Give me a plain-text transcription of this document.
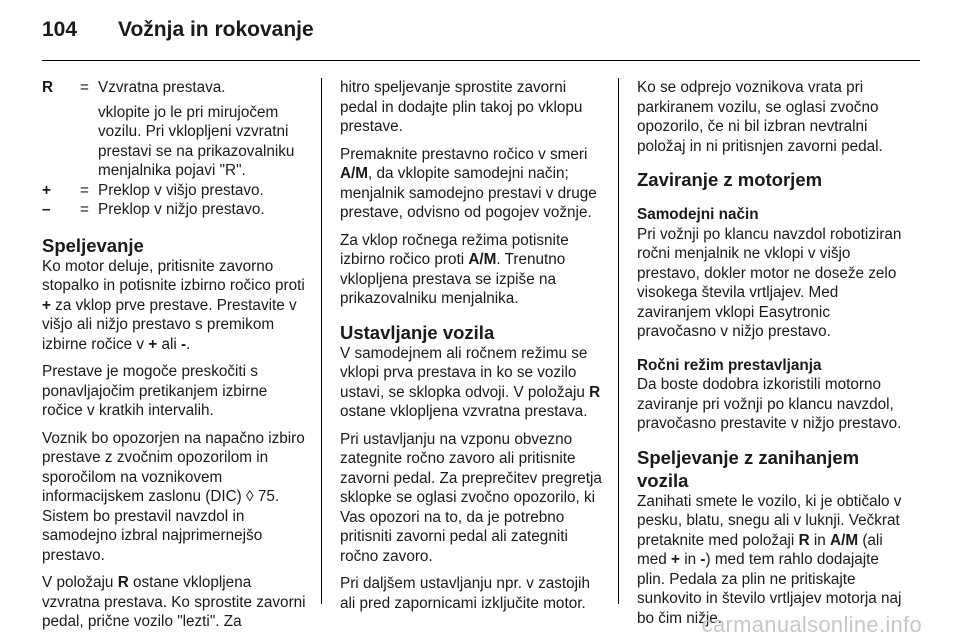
104	Vožnja in rokovanje
R	= Vzvratna prestava.
vklopite jo le pri mirujočem vozilu. Pri vklopljeni vzvratni prestavi se na prikazovalniku menjalnika pojavi "R".
+	= Preklop v višjo prestavo.
–	= Preklop v nižjo prestavo.
Speljevanje

Ko motor deluje, pritisnite zavorno stopalko in potisnite izbirno ročico proti + za vklop prve prestave. Prestavite v višjo ali nižjo prestavo s premikom izbirne ročice v + ali -.

Prestave je mogoče preskočiti s ponavljajočim pretikanjem izbirne ročice v kratkih intervalih.

Voznik bo opozorjen na napačno izbiro prestave z zvočnim opozorilom in sporočilom na voznikovem informacijskem zaslonu (DIC) ◊ 75. Sistem bo prestavil navzdol in samodejno izbral najprimernejšo prestavo.

V položaju R ostane vklopljena vzvratna prestava. Ko sprostite zavorni pedal, prične vozilo "lezti". Za

hitro speljevanje sprostite zavorni pedal in dodajte plin takoj po vklopu prestave.

Premaknite prestavno ročico v smeri A/M, da vklopite samodejni način; menjalnik samodejno prestavi v druge prestave, odvisno od pogojev vožnje.

Za vklop ročnega režima potisnite izbirno ročico proti A/M. Trenutno vklopljena prestava se izpiše na prikazovalniku menjalnika.

Ustavljanje vozila

V samodejnem ali ročnem režimu se vklopi prva prestava in ko se vozilo ustavi, se sklopka odvoji. V položaju R ostane vklopljena vzvratna prestava.

Pri ustavljanju na vzponu obvezno zategnite ročno zavoro ali pritisnite zavorni pedal. Za preprečitev pregretja sklopke se oglasi zvočno opozorilo, ki Vas opozori na to, da je potrebno pritisniti zavorni pedal ali zategniti ročno zavoro.

Pri daljšem ustavljanju npr. v zastojih ali pred zapornicami izključite motor.

Ko se odprejo voznikova vrata pri parkiranem vozilu, se oglasi zvočno opozorilo, če ni bil izbran nevtralni položaj in ni pritisnjen zavorni pedal.

Zaviranje z motorjem
Samodejni način

Pri vožnji po klancu navzdol robotiziran ročni menjalnik ne vklopi v višjo prestavo, dokler motor ne doseže zelo visokega števila vrtljajev. Med zaviranjem vklopi Easytronic pravočasno v nižjo prestavo.

Ročni režim prestavljanja

Da boste dodobra izkoristili motorno zaviranje pri vožnji po klancu navzdol, pravočasno prestavite v nižjo prestavo.

Speljevanje z zanihanjem vozila

Zanihati smete le vozilo, ki je obtičalo v pesku, blatu, snegu ali v luknji. Večkrat pretaknite med položaji R in A/M (ali med + in -) med tem rahlo dodajajte plin. Pedala za plin ne pritiskajte sunkovito in število vrtljajev motorja naj bo čim nižje.

carmanualsonline.info
